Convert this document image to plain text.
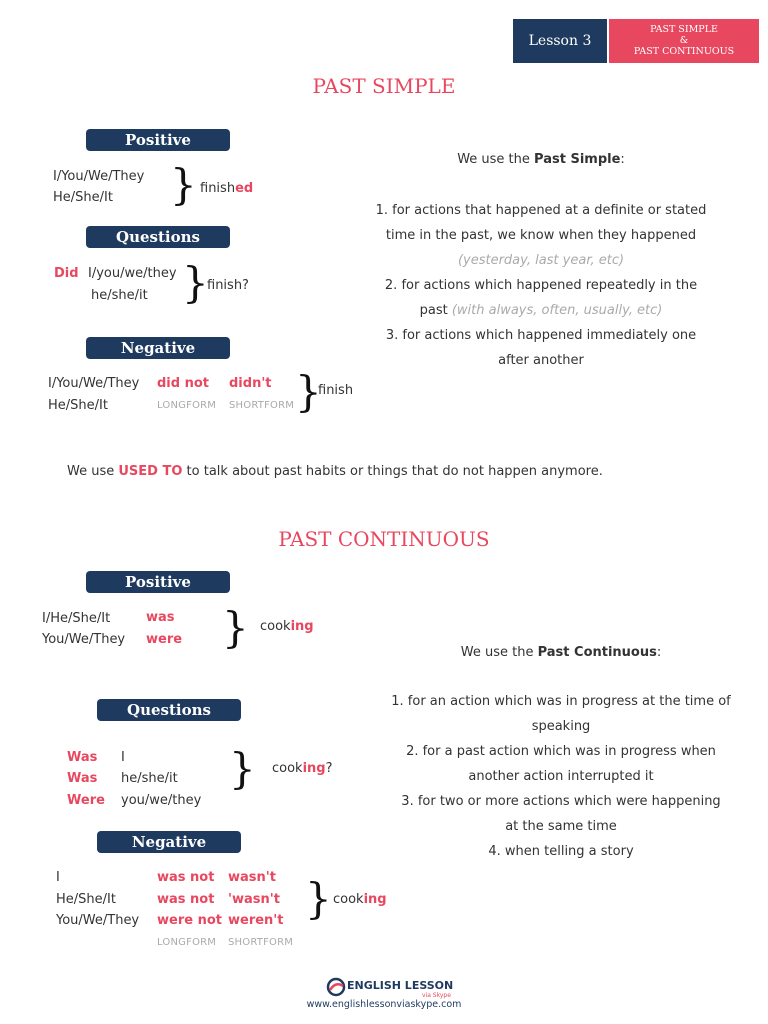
Lesson 3
PAST SIMPLE
&
PAST CONTINUOUS
PAST SIMPLE
Positive
I/You/We/They
He/She/It } finished
Questions
Did I/you/we/they
he/she/it }
finish?
Negative
I/You/We/They
He/She/It
did not didn't
LONGFORM SHORTFORM }
finish
We use the Past Simple:
1. for actions that happened at a definite or stated
time in the past, we know when they happened
(yesterday, last year, etc)
2. for actions which happened repeatedly in the
past (with always, often, usually, etc)
3. for actions which happened immediately one
after another
We use USED TO to talk about past habits or things that do not happen anymore.
PAST CONTINUOUS
Positive
I/He/She/It
You/We/They
was
were } cooking
Questions
Was
Was
Were
I
he/she/it
you/we/they
} cooking?
Negative
I
He/She/It
You/We/They
was not
was not
were not
wasn't
'wasn't
weren't
LONGFORM SHORTFORM
} cooking
We use the Past Continuous:
1. for an action which was in progress at the time of
speaking
2. for a past action which was in progress when
another action interrupted it
3. for two or more actions which were happening
at the same time
4. when telling a story
ENGLISH LESSON
via Skype
www.englishlessonviaskype.com
